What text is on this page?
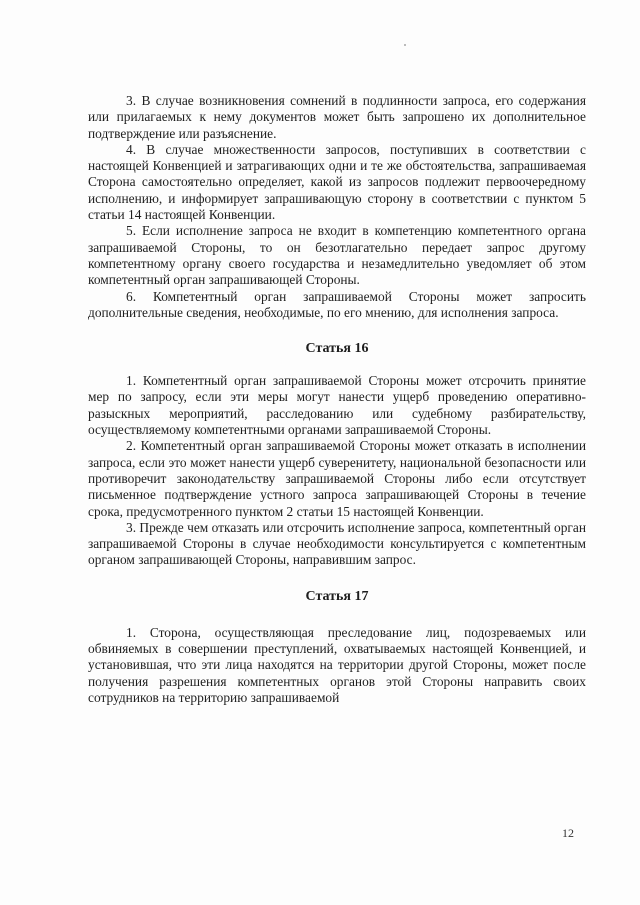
3. В случае возникновения сомнений в подлинности запроса, его содержания или прилагаемых к нему документов может быть запрошено их дополнительное подтверждение или разъяснение.

4. В случае множественности запросов, поступивших в соответствии с настоящей Конвенцией и затрагивающих одни и те же обстоятельства, запрашиваемая Сторона самостоятельно определяет, какой из запросов подлежит первоочередному исполнению, и информирует запрашивающую сторону в соответствии с пунктом 5 статьи 14 настоящей Конвенции.

5. Если исполнение запроса не входит в компетенцию компетентного органа запрашиваемой Стороны, то он безотлагательно передает запрос другому компетентному органу своего государства и незамедлительно уведомляет об этом компетентный орган запрашивающей Стороны.

6. Компетентный орган запрашиваемой Стороны может запросить дополнительные сведения, необходимые, по его мнению, для исполнения запроса.

Статья 16

1. Компетентный орган запрашиваемой Стороны может отсрочить принятие мер по запросу, если эти меры могут нанести ущерб проведению оперативно-разыскных мероприятий, расследованию или судебному разбирательству, осуществляемому компетентными органами запрашиваемой Стороны.

2. Компетентный орган запрашиваемой Стороны может отказать в исполнении запроса, если это может нанести ущерб суверенитету, национальной безопасности или противоречит законодательству запрашиваемой Стороны либо если отсутствует письменное подтверждение устного запроса запрашивающей Стороны в течение срока, предусмотренного пунктом 2 статьи 15 настоящей Конвенции.

3. Прежде чем отказать или отсрочить исполнение запроса, компетентный орган запрашиваемой Стороны в случае необходимости консультируется с компетентным органом запрашивающей Стороны, направившим запрос.

Статья 17

1. Сторона, осуществляющая преследование лиц, подозреваемых или обвиняемых в совершении преступлений, охватываемых настоящей Конвенцией, и установившая, что эти лица находятся на территории другой Стороны, может после получения разрешения компетентных органов этой Стороны направить своих сотрудников на территорию запрашиваемой

12
